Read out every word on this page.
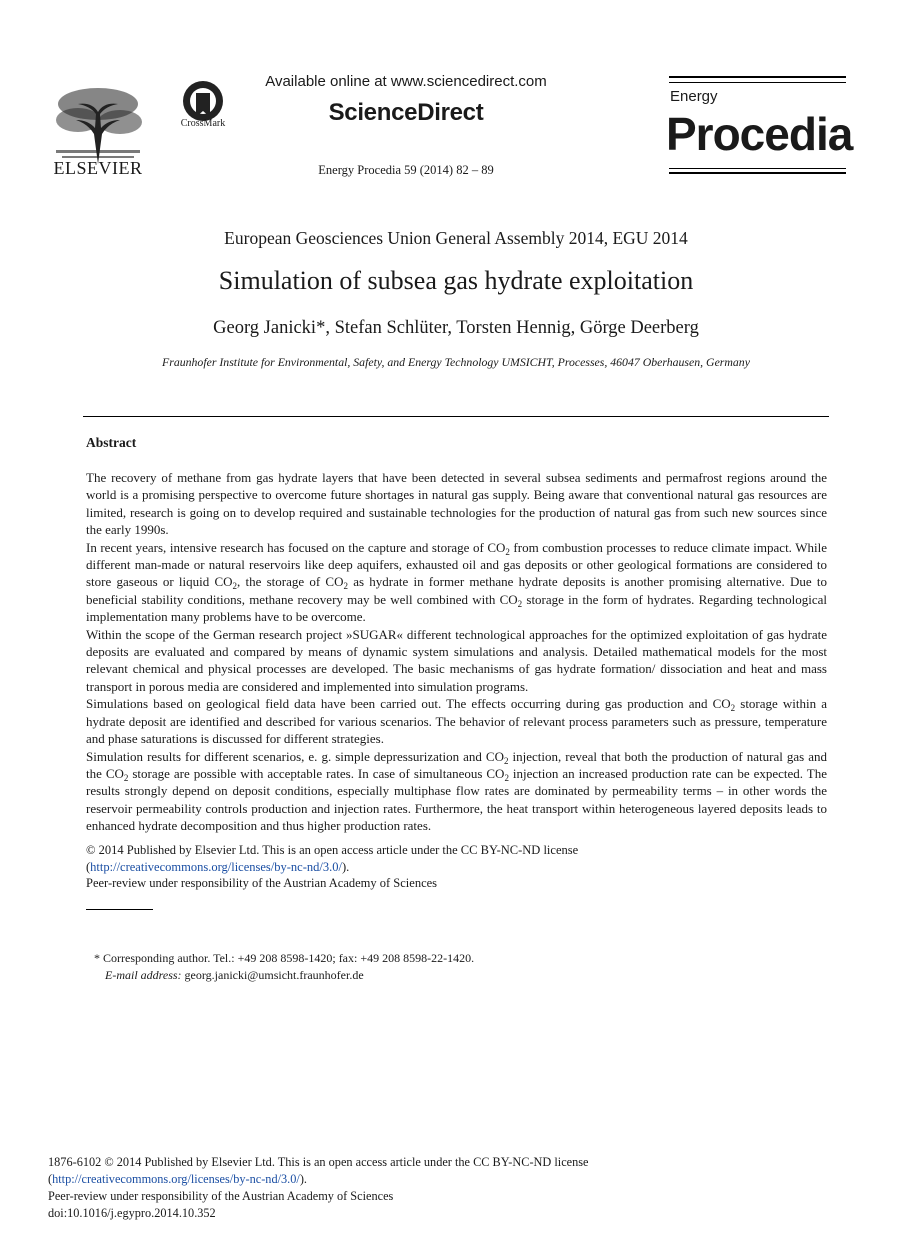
ELSEVIER
CrossMark
Available online at www.sciencedirect.com
ScienceDirect
Energy Procedia 59 (2014) 82 – 89
Energy
Procedia
European Geosciences Union General Assembly 2014, EGU 2014
Simulation of subsea gas hydrate exploitation
Georg Janicki*, Stefan Schlüter, Torsten Hennig, Görge Deerberg
Fraunhofer Institute for Environmental, Safety, and Energy Technology UMSICHT, Processes, 46047 Oberhausen, Germany
Abstract

The recovery of methane from gas hydrate layers that have been detected in several subsea sediments and permafrost regions around the world is a promising perspective to overcome future shortages in natural gas supply. Being aware that conventional natural gas resources are limited, research is going on to develop required and sustainable technologies for the production of natural gas from such new sources since the early 1990s.

In recent years, intensive research has focused on the capture and storage of $CO_2$ from combustion processes to reduce climate impact. While different man-made or natural reservoirs like deep aquifers, exhausted oil and gas deposits or other geological formations are considered to store gaseous or liquid $CO_2$, the storage of $CO_2$ as hydrate in former methane hydrate deposits is another promising alternative. Due to beneficial stability conditions, methane recovery may be well combined with $CO_2$ storage in the form of hydrates. Regarding technological implementation many problems have to be overcome.

Within the scope of the German research project »SUGAR« different technological approaches for the optimized exploitation of gas hydrate deposits are evaluated and compared by means of dynamic system simulations and analysis. Detailed mathematical models for the most relevant chemical and physical processes are developed. The basic mechanisms of gas hydrate formation/ dissociation and heat and mass transport in porous media are considered and implemented into simulation programs.

Simulations based on geological field data have been carried out. The effects occurring during gas production and $CO_2$ storage within a hydrate deposit are identified and described for various scenarios. The behavior of relevant process parameters such as pressure, temperature and phase saturations is discussed for different strategies.

Simulation results for different scenarios, e. g. simple depressurization and $CO_2$ injection, reveal that both the production of natural gas and the $CO_2$ storage are possible with acceptable rates. In case of simultaneous $CO_2$ injection an increased production rate can be expected. The results strongly depend on deposit conditions, especially multiphase flow rates are dominated by permeability terms – in other words the reservoir permeability controls production and injection rates. Furthermore, the heat transport within heterogeneous layered deposits leads to enhanced hydrate decomposition and thus higher production rates.

© 2014 Published by Elsevier Ltd. This is an open access article under the CC BY-NC-ND license
(http://creativecommons.org/licenses/by-nc-nd/3.0/).
Peer-review under responsibility of the Austrian Academy of Sciences
* Corresponding author. Tel.: +49 208 8598-1420; fax: +49 208 8598-22-1420.
E-mail address: georg.janicki@umsicht.fraunhofer.de
1876-6102 © 2014 Published by Elsevier Ltd. This is an open access article under the CC BY-NC-ND license
(http://creativecommons.org/licenses/by-nc-nd/3.0/).
Peer-review under responsibility of the Austrian Academy of Sciences
doi:10.1016/j.egypro.2014.10.352
